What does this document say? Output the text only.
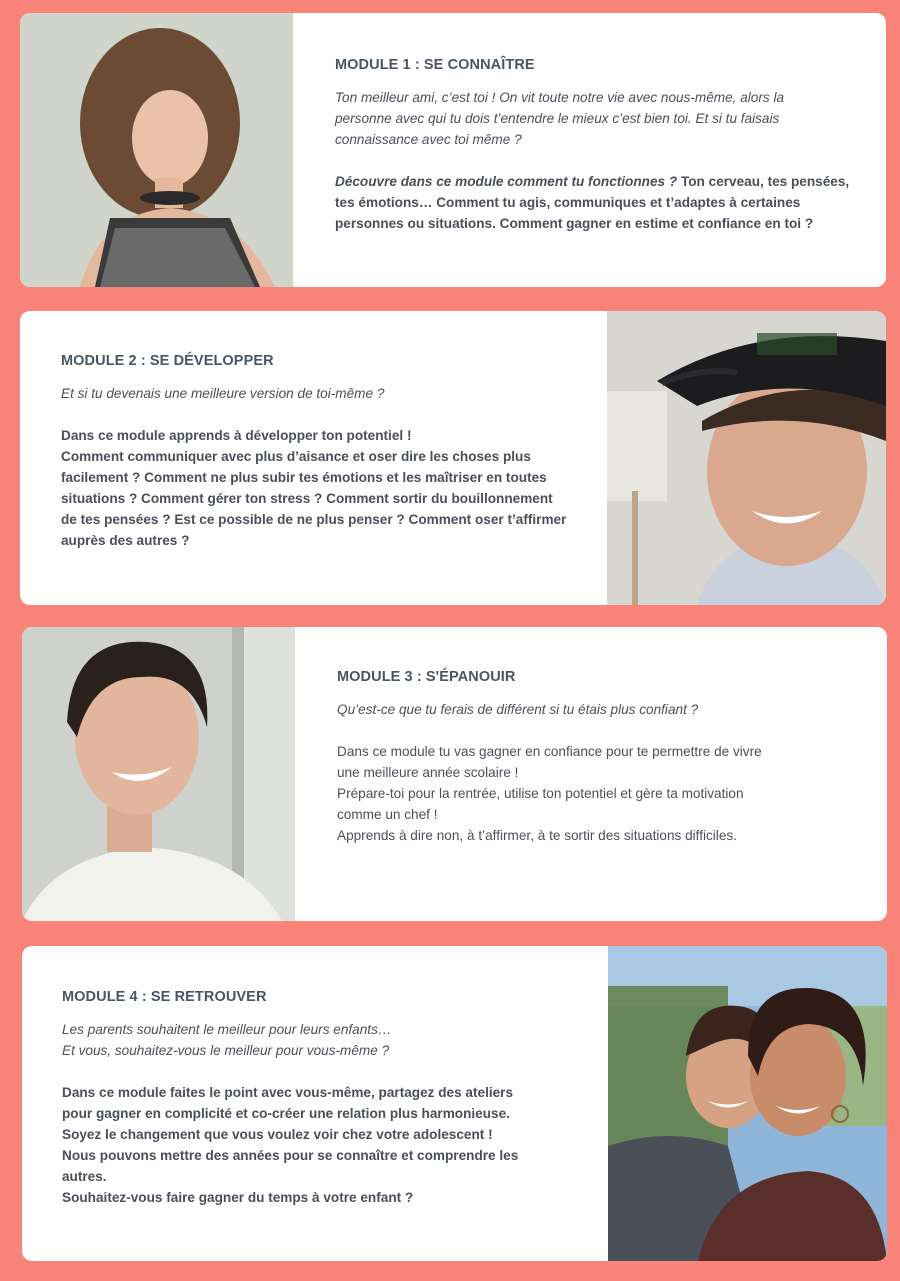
MODULE 1 : SE CONNAÎTRE
Ton meilleur ami, c’est toi ! On vit toute notre vie avec nous-même, alors la
personne avec qui tu dois t’entendre le mieux c’est bien toi. Et si tu faisais
connaissance avec toi même ?
Découvre dans ce module comment tu fonctionnes ? Ton cerveau, tes pensées,
tes émotions… Comment tu agis, communiques et t’adaptes à certaines
personnes ou situations. Comment gagner en estime et confiance en toi ?
MODULE 2 : SE DÉVELOPPER
Et si tu devenais une meilleure version de toi-même ?
Dans ce module apprends à développer ton potentiel !
Comment communiquer avec plus d’aisance et oser dire les choses plus
facilement ? Comment ne plus subir tes émotions et les maîtriser en toutes
situations ? Comment gérer ton stress ? Comment sortir du bouillonnement
de tes pensées ? Est ce possible de ne plus penser ? Comment oser t’affirmer
auprès des autres ?
MODULE 3 : S'ÉPANOUIR
Qu’est-ce que tu ferais de différent si tu étais plus confiant ?
Dans ce module tu vas gagner en confiance pour te permettre de vivre
une meilleure année scolaire !
Prépare-toi pour la rentrée, utilise ton potentiel et gère ta motivation
comme un chef !
Apprends à dire non, à t’affirmer, à te sortir des situations difficiles.
MODULE 4 : SE RETROUVER
Les parents souhaitent le meilleur pour leurs enfants…
Et vous, souhaitez-vous le meilleur pour vous-même ?
Dans ce module faites le point avec vous-même, partagez des ateliers
pour gagner en complicité et co-créer une relation plus harmonieuse.
Soyez le changement que vous voulez voir chez votre adolescent !
Nous pouvons mettre des années pour se connaître et comprendre les
autres.
Souhaitez-vous faire gagner du temps à votre enfant ?
